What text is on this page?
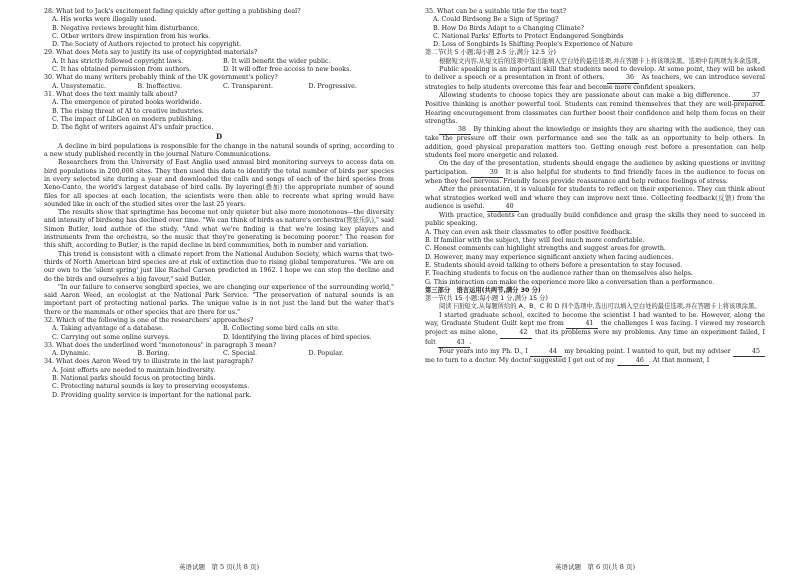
28. What led to Jack's excitement fading quickly after getting a publishing deal?

A. His works were illegally used.

B. Negative reviews brought him disturbance.

C. Other writers drew inspiration from his works.

D. The Society of Authors rejected to protect his copyright.

29. What does Meta say to justify its use of copyrighted materials?

A. It has strictly followed copyright laws.	B. It will benefit the wider public.
C. It has obtained permission from authors.	D. It will offer free access to new books.

30. What do many writers probably think of the UK government's policy?

A. Unsystematic.	B. Ineffective.	C. Transparent.	D. Progressive.

31. What does the text mainly talk about?

A. The emergence of pirated books worldwide.

B. The rising threat of AI to creative industries.

C. The impact of LibGen on modern publishing.

D. The fight of writers against AI's unfair practice.

D

A decline in bird populations is responsible for the change in the natural sounds of spring, according to a new study published recently in the journal Nature Communications.

Researchers from the University of East Anglia used annual bird monitoring surveys to access data on bird populations in 200,000 sites. They then used this data to identify the total number of birds per species in every selected site during a year and downloaded the calls and songs of each of the bird species from Xeno-Canto, the world's largest database of bird calls. By layering(叠加) the appropriate number of sound files for all species at each location, the scientists were then able to recreate what spring would have sounded like in each of the studied sites over the last 25 years.

The results show that springtime has become not only quieter but also more monotonous—the diversity and intensity of birdsong has declined over time. "We can think of birds as nature's orchestra(管弦乐队)," said Simon Butler, lead author of the study. "And what we're finding is that we're losing key players and instruments from the orchestra, so the music that they're generating is becoming poorer." The reason for this shift, according to Butler, is the rapid decline in bird communities, both in number and variation.

This trend is consistent with a climate report from the National Audubon Society, which warns that two-thirds of North American bird species are at risk of extinction due to rising global temperatures. "We are on our own to the 'silent spring' just like Rachel Carson predicted in 1962. I hope we can stop the decline and do the birds and ourselves a big favour," said Butler.

"In our failure to conserve songbird species, we are changing our experience of the surrounding world," said Aaron Weed, an ecologist at the National Park Service. "The preservation of natural sounds is an important part of protecting national parks. The unique value is in not just the land but the water that's there or the mammals or other species that are there for us."

32. Which of the following is one of the researchers' approaches?

A. Taking advantage of a database.	B. Collecting some bird calls on site.
C. Carrying out some online surveys.	D. Identifying the living places of bird species.

33. What does the underlined word "monotonous" in paragraph 3 mean?

A. Dynamic.	B. Boring.	C. Special.	D. Popular.

34. What does Aaron Weed try to illustrate in the last paragraph?

A. Joint efforts are needed to maintain biodiversity.

B. National parks should focus on protecting birds.

C. Protecting natural sounds is key to preserving ecosystems.

D. Providing quality service is important for the national park.

英语试题　第 5 页(共 8 页)

35. What can be a suitable title for the text?

A. Could Birdsong Be a Sign of Spring?

B. How Do Birds Adapt to a Changing Climate?

C. National Parks' Efforts to Protect Endangered Songbirds

D. Loss of Songbirds Is Shifting People's Experience of Nature

第二节(共 5 小题;每小题 2.5 分,满分 12.5 分)

根据短文内容,从短文后的选项中选出能填入空白处的最佳选项,并在答题卡上将该项涂黑。选项中有两项为多余选项。

Public speaking is an important skill that students need to develop. At some point, they will be asked to deliver a speech or a presentation in front of others.	36 As teachers, we can introduce several strategies to help students overcome this fear and become more confident speakers.

Allowing students to choose topics they are passionate about can make a big difference.	37 Positive thinking is another powerful tool. Students can remind themselves that they are well-prepared. Hearing encouragement from classmates can further boost their confidence and help them focus on their strengths.

38 By thinking about the knowledge or insights they are sharing with the audience, they can take the pressure off their own performance and see the talk as an opportunity to help others. In addition, good physical preparation matters too. Getting enough rest before a presentation can help students feel more energetic and relaxed.

On the day of the presentation, students should engage the audience by asking questions or inviting participation.	39 It is also helpful for students to find friendly faces in the audience to focus on when they feel nervous. Friendly faces provide reassurance and help reduce feelings of stress.

After the presentation, it is valuable for students to reflect on their experience. They can think about what strategies worked well and where they can improve next time. Collecting feedback(反馈) from the audience is useful.	40

With practice, students can gradually build confidence and grasp the skills they need to succeed in public speaking.

A. They can even ask their classmates to offer positive feedback.

B. If familiar with the subject, they will feel much more comfortable.

C. Honest comments can highlight strengths and suggest areas for growth.

D. However, many may experience significant anxiety when facing audiences.

E. Students should avoid talking to others before a presentation to stay focused.

F. Teaching students to focus on the audience rather than on themselves also helps.

G. This interaction can make the experience more like a conversation than a performance.

第三部分　语言运用(共两节,满分 30 分)

第一节(共 15 小题;每小题 1 分,满分 15 分)

阅读下面短文,从每题所给的 A、B、C 和 D 四个选项中,选出可以填入空白处的最佳选项,并在答题卡上将该项涂黑。

I started graduate school, excited to become the scientist I had wanted to be. However, along the way, Graduate Student Guilt kept me from	41 the challenges I was facing. I viewed my research project as mine alone,	42 that its problems were my problems. Any time an experiment failed, I felt	43 .

Four years into my Ph. D., I	44 my breaking point. I wanted to quit, but my adviser	45 me to turn to a doctor. My doctor suggested I get out of my	46 . At that moment, I

英语试题　第 6 页(共 8 页)
